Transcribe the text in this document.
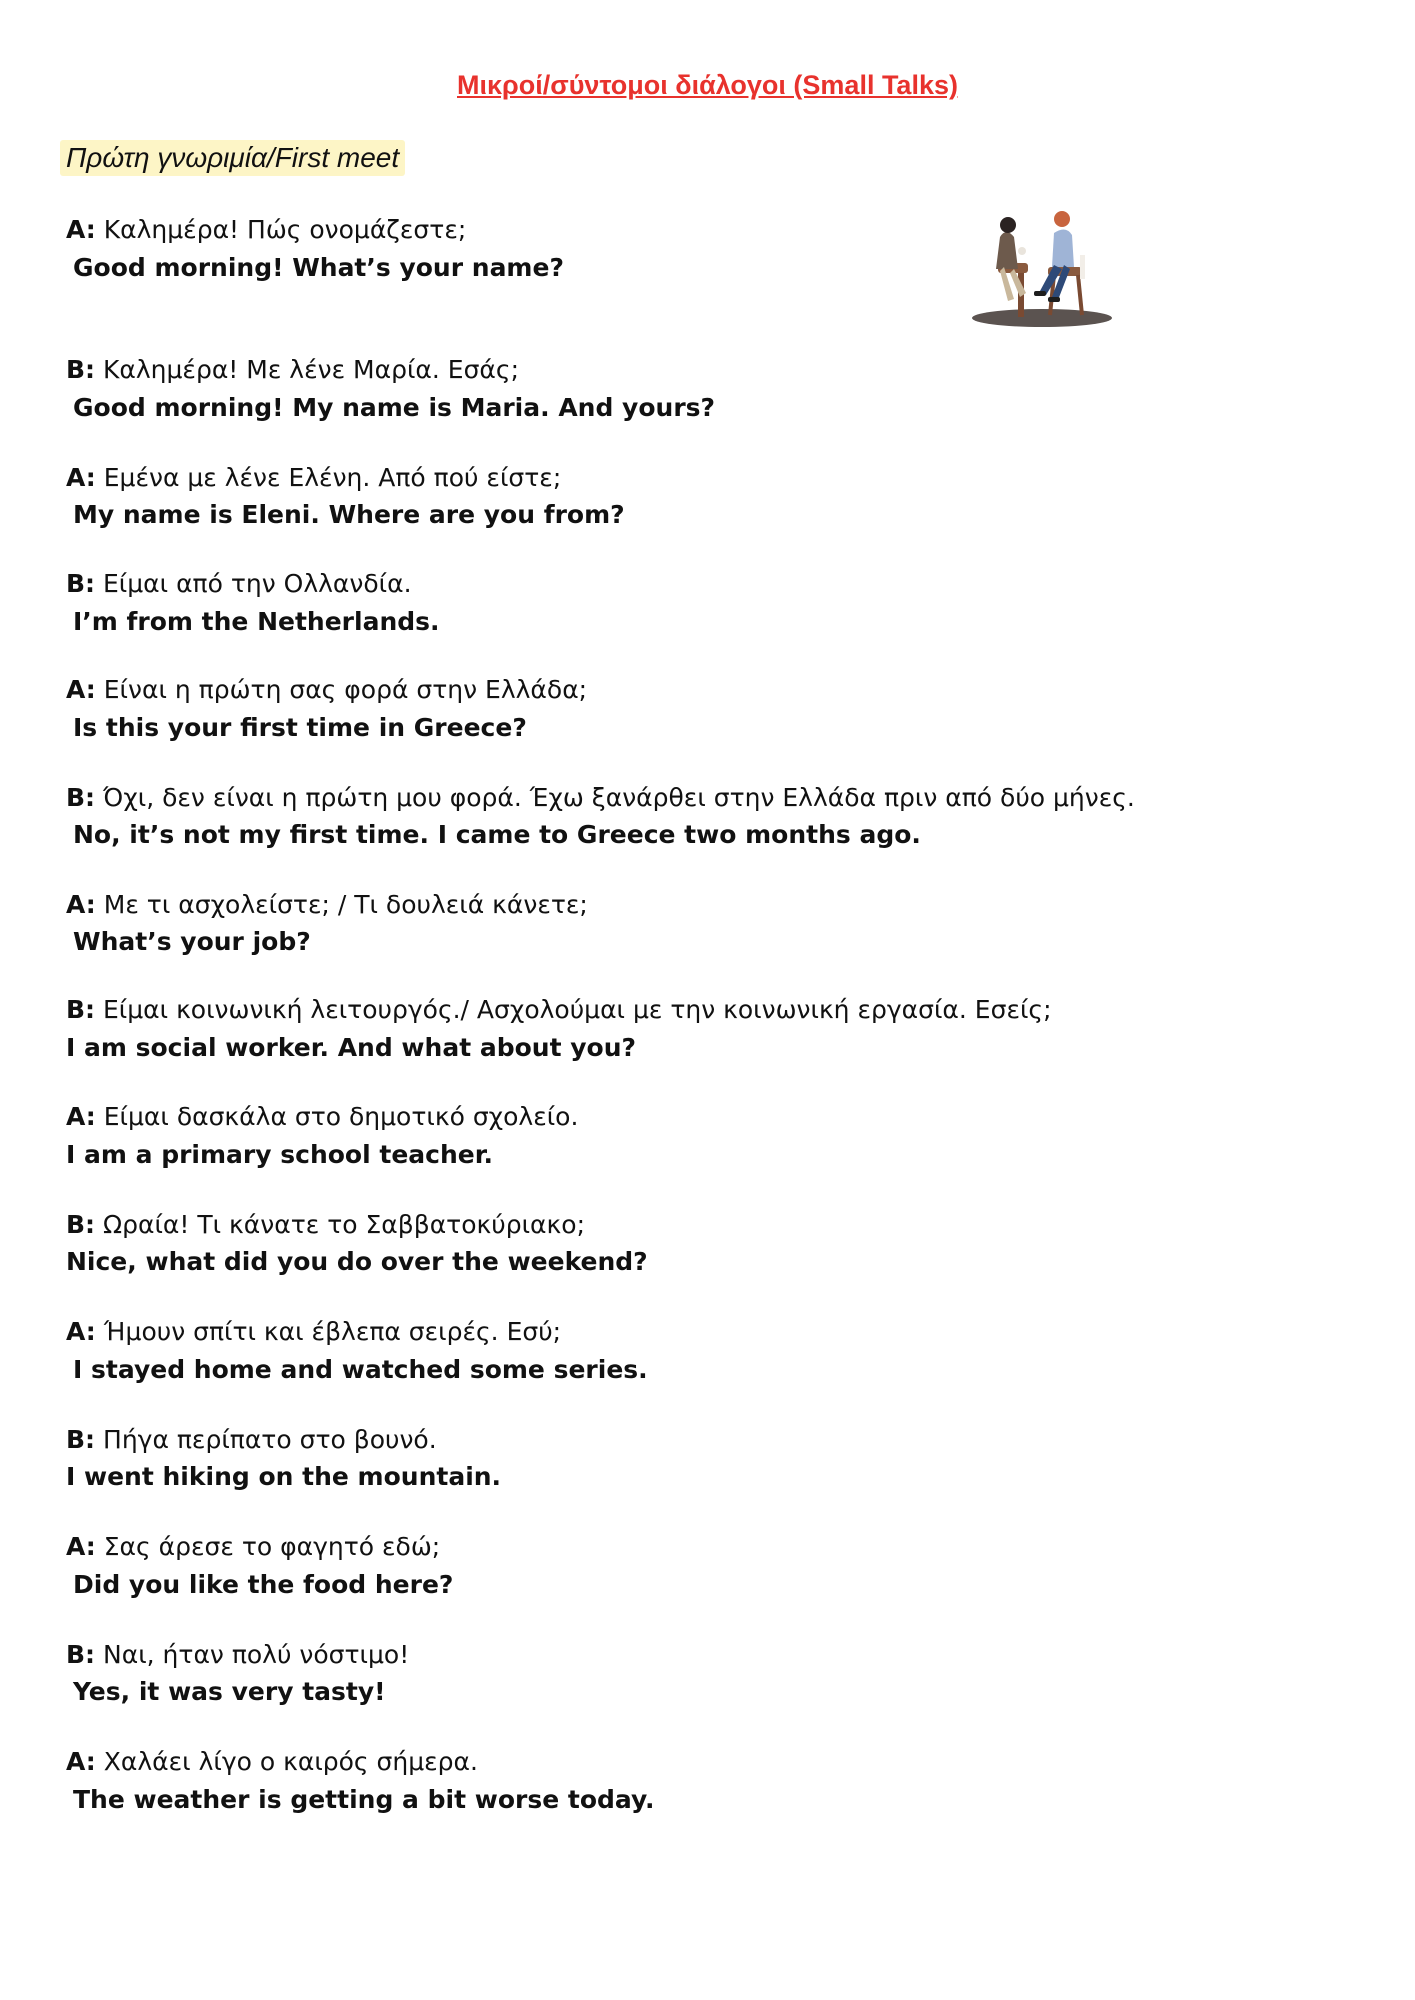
Μικροί/σύντομοι διάλογοι (Small Talks)
Πρώτη γνωριμία/First meet
A: Καλημέρα! Πώς ονομάζεστε;
Good morning! What’s your name?
B: Καλημέρα! Με λένε Μαρία. Εσάς;
Good morning! My name is Maria. And yours?
A: Εμένα με λένε Ελένη. Από πού είστε;
My name is Eleni. Where are you from?
B: Είμαι από την Ολλανδία.
I’m from the Netherlands.
A: Είναι η πρώτη σας φορά στην Ελλάδα;
Is this your first time in Greece?
B: Όχι, δεν είναι η πρώτη μου φορά. Έχω ξανάρθει στην Ελλάδα πριν από δύο μήνες.
No, it’s not my first time. I came to Greece two months ago.
A: Με τι ασχολείστε; / Τι δουλειά κάνετε;
What’s your job?
B: Είμαι κοινωνική λειτουργός./ Ασχολούμαι με την κοινωνική εργασία. Εσείς;
I am social worker. And what about you?
A: Είμαι δασκάλα στο δημοτικό σχολείο.
I am a primary school teacher.
B: Ωραία! Τι κάνατε το Σαββατοκύριακο;
Nice, what did you do over the weekend?
A: Ήμουν σπίτι και έβλεπα σειρές. Εσύ;
I stayed home and watched some series.
B: Πήγα περίπατο στο βουνό.
I went hiking on the mountain.
A: Σας άρεσε το φαγητό εδώ;
Did you like the food here?
B: Ναι, ήταν πολύ νόστιμο!
Yes, it was very tasty!
A: Χαλάει λίγο ο καιρός σήμερα.
The weather is getting a bit worse today.
